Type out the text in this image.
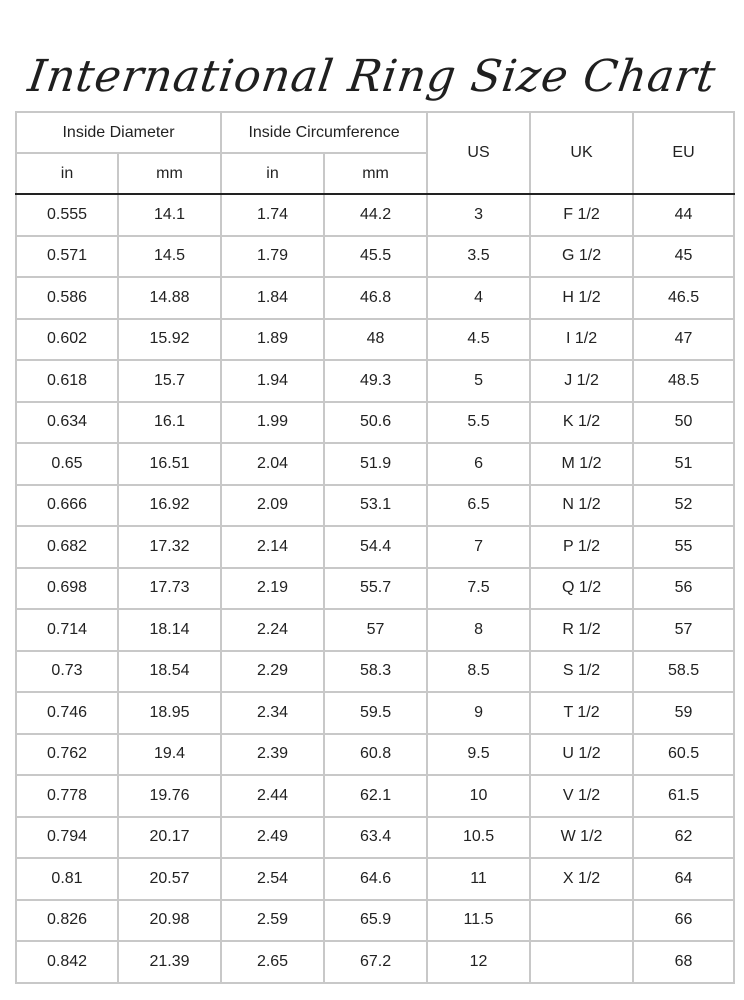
International Ring Size Chart
Inside Diameter		Inside Circumference		US	UK	EU
in	mm	in	mm			
0.555	14.1	1.74	44.2	3	F 1/2	44
0.571	14.5	1.79	45.5	3.5	G 1/2	45
0.586	14.88	1.84	46.8	4	H 1/2	46.5
0.602	15.92	1.89	48	4.5	I 1/2	47
0.618	15.7	1.94	49.3	5	J 1/2	48.5
0.634	16.1	1.99	50.6	5.5	K 1/2	50
0.65	16.51	2.04	51.9	6	M 1/2	51
0.666	16.92	2.09	53.1	6.5	N 1/2	52
0.682	17.32	2.14	54.4	7	P 1/2	55
0.698	17.73	2.19	55.7	7.5	Q 1/2	56
0.714	18.14	2.24	57	8	R 1/2	57
0.73	18.54	2.29	58.3	8.5	S 1/2	58.5
0.746	18.95	2.34	59.5	9	T 1/2	59
0.762	19.4	2.39	60.8	9.5	U 1/2	60.5
0.778	19.76	2.44	62.1	10	V 1/2	61.5
0.794	20.17	2.49	63.4	10.5	W 1/2	62
0.81	20.57	2.54	64.6	11	X 1/2	64
0.826	20.98	2.59	65.9	11.5		66
0.842	21.39	2.65	67.2	12		68
